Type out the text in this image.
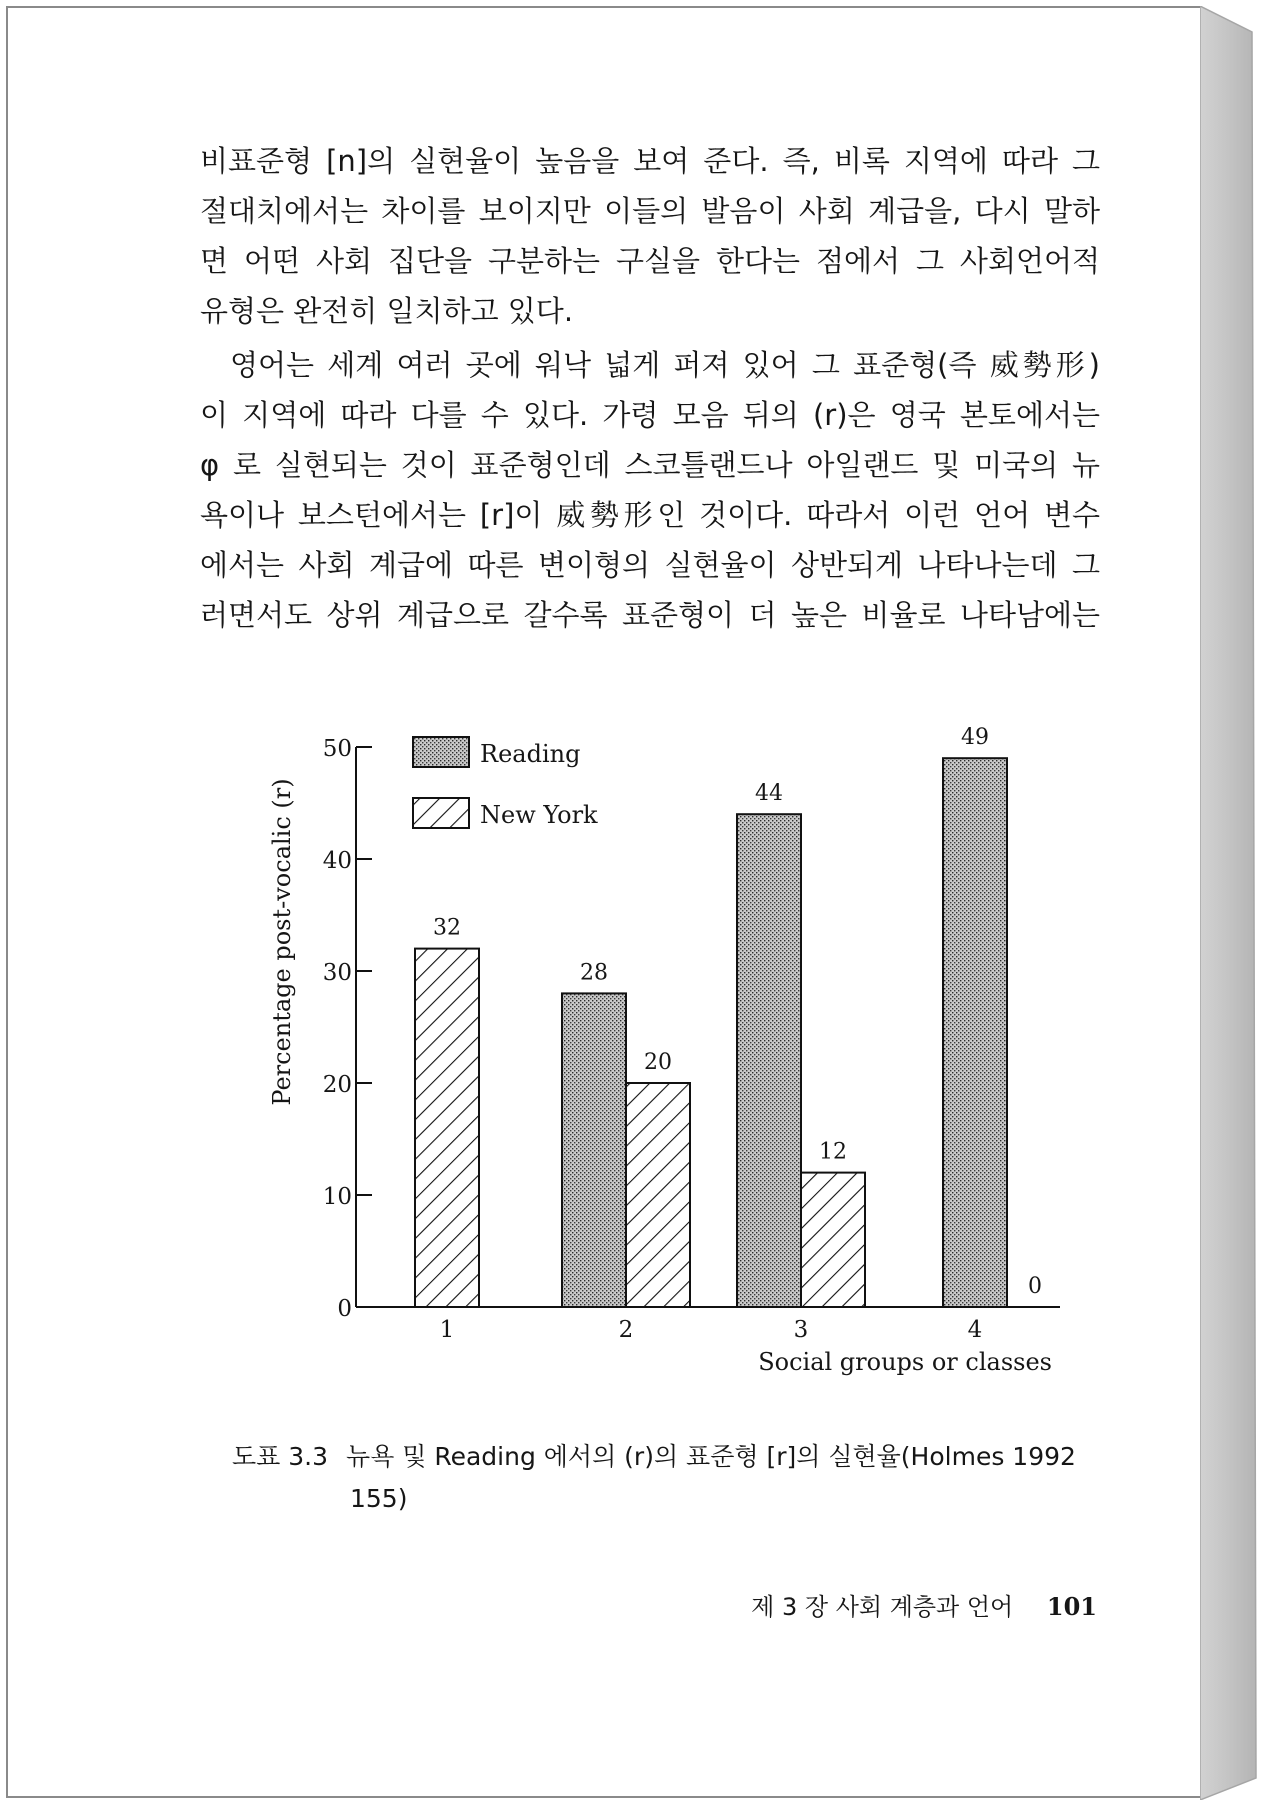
비표준형 [n]의 실현율이 높음을 보여 준다. 즉, 비록 지역에 따라 그
절대치에서는 차이를 보이지만 이들의 발음이 사회 계급을, 다시 말하
면 어떤 사회 집단을 구분하는 구실을 한다는 점에서 그 사회언어적
유형은 완전히 일치하고 있다.
영어는 세계 여러 곳에 워낙 넓게 퍼져 있어 그 표준형(즉 威勢形)
이 지역에 따라 다를 수 있다. 가령 모음 뒤의 (r)은 영국 본토에서는
φ 로 실현되는 것이 표준형인데 스코틀랜드나 아일랜드 및 미국의 뉴
욕이나 보스턴에서는 [r]이 威勢形인 것이다. 따라서 이런 언어 변수
에서는 사회 계급에 따른 변이형의 실현율이 상반되게 나타나는데 그
러면서도 상위 계급으로 갈수록 표준형이 더 높은 비율로 나타남에는
Percentage post-vocalic (r)
0
10
20
30
40
50
32
28
20
44
12
49
0
1	2	3	4
Social groups or classes
Reading
New York
도표 3.3 뉴욕 및 Reading 에서의 (r)의 표준형 [r]의 실현율(Holmes 1992
155)
제 3 장 사회 계층과 언어 101
